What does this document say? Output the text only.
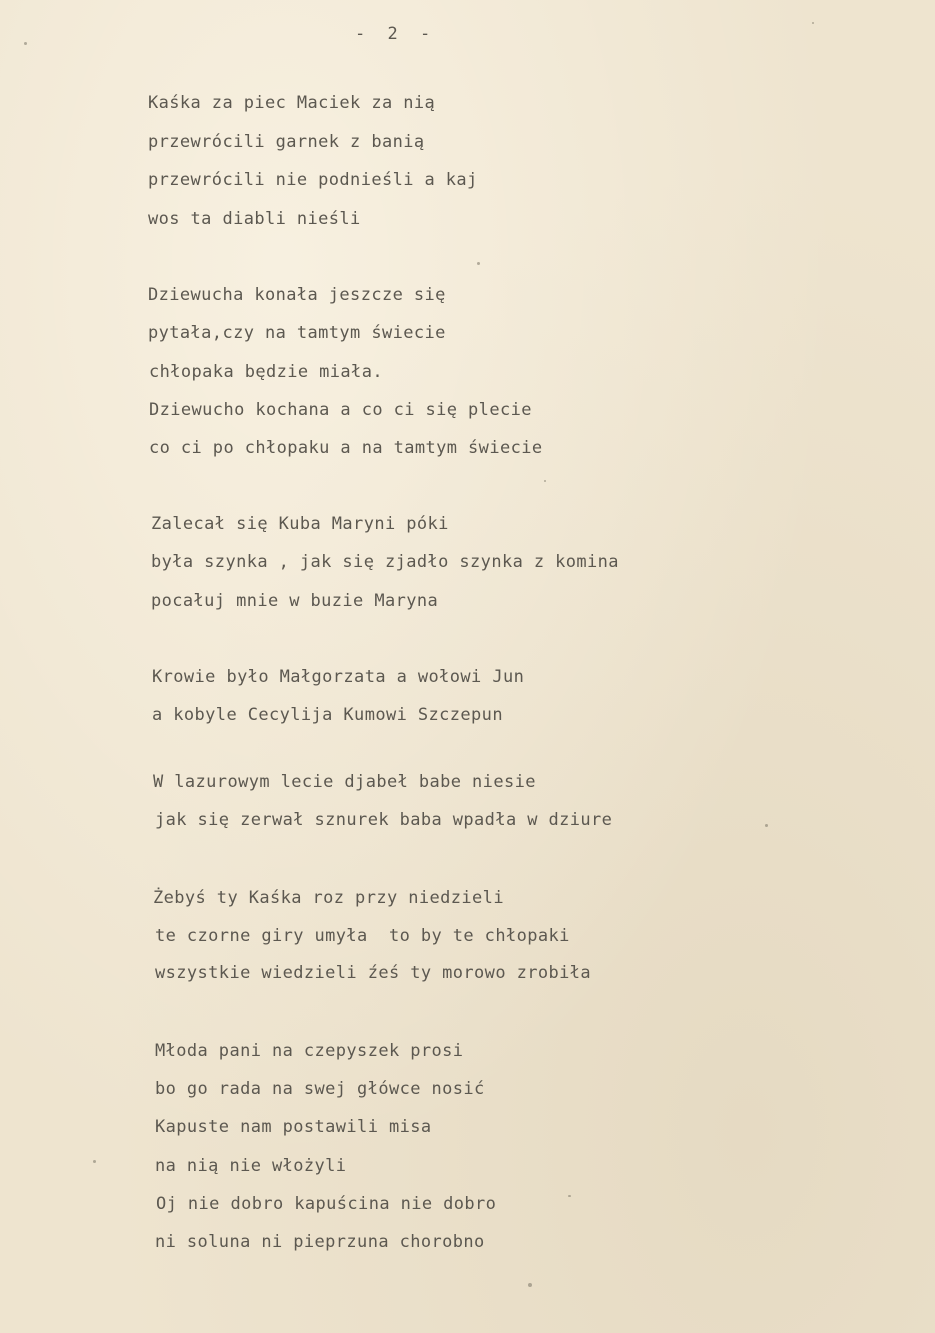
- 2 -
Kaśka za piec Maciek za nią
przewrócili garnek z banią
przewrócili nie podnieśli a kaj
wos ta diabli nieśli
Dziewucha konała jeszcze się
pytała,czy na tamtym świecie
chłopaka będzie miała.
Dziewucho kochana a co ci się plecie
co ci po chłopaku a na tamtym świecie
Zalecał się Kuba Maryni póki
była szynka , jak się zjadło szynka z komina
pocałuj mnie w buzie Maryna
Krowie było Małgorzata a wołowi Jun
a kobyle Cecylija Kumowi Szczepun
W lazurowym lecie djabeł babe niesie
jak się zerwał sznurek baba wpadła w dziure
Żebyś ty Kaśka roz przy niedzieli
te czorne giry umyła  to by te chłopaki
wszystkie wiedzieli źeś ty morowo zrobiła
Młoda pani na czepyszek prosi
bo go rada na swej główce nosić
Kapuste nam postawili misa
na nią nie włożyli
Oj nie dobro kapuścina nie dobro
ni soluna ni pieprzuna chorobno
